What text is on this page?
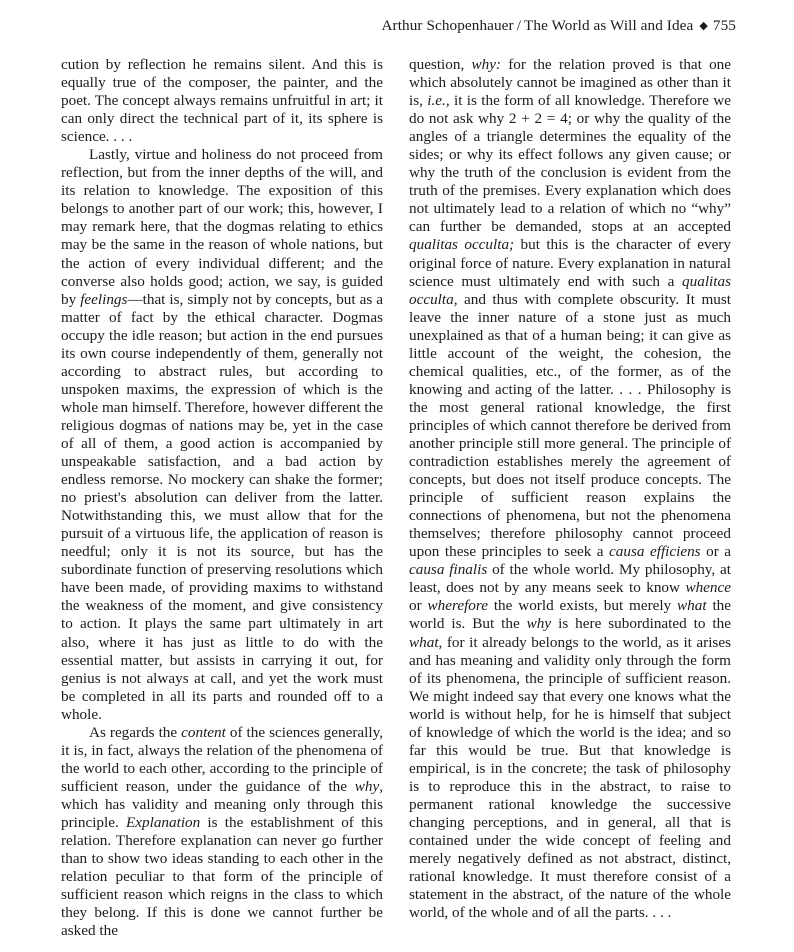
Arthur Schopenhauer / The World as Will and Idea ◆ 755

cution by reflection he remains silent. And this is equally true of the composer, the painter, and the poet. The concept always remains unfruitful in art; it can only direct the technical part of it, its sphere is science. . . .

Lastly, virtue and holiness do not proceed from reflection, but from the inner depths of the will, and its relation to knowledge. The exposition of this belongs to another part of our work; this, however, I may remark here, that the dogmas relating to ethics may be the same in the reason of whole nations, but the action of every individual different; and the converse also holds good; action, we say, is guided by feelings—that is, simply not by concepts, but as a matter of fact by the ethical character. Dogmas occupy the idle reason; but action in the end pursues its own course independently of them, generally not according to abstract rules, but according to unspoken maxims, the expression of which is the whole man himself. Therefore, however different the religious dogmas of nations may be, yet in the case of all of them, a good action is accompanied by unspeakable satisfaction, and a bad action by endless remorse. No mockery can shake the former; no priest's absolution can deliver from the latter. Notwithstanding this, we must allow that for the pursuit of a virtuous life, the application of reason is needful; only it is not its source, but has the subordinate function of preserving resolutions which have been made, of providing maxims to withstand the weakness of the moment, and give consistency to action. It plays the same part ultimately in art also, where it has just as little to do with the essential matter, but assists in carrying it out, for genius is not always at call, and yet the work must be completed in all its parts and rounded off to a whole.

As regards the content of the sciences generally, it is, in fact, always the relation of the phenomena of the world to each other, according to the principle of sufficient reason, under the guidance of the why, which has validity and meaning only through this principle. Explanation is the establishment of this relation. Therefore explanation can never go further than to show two ideas standing to each other in the relation peculiar to that form of the principle of sufficient reason which reigns in the class to which they belong. If this is done we cannot further be asked the

question, why: for the relation proved is that one which absolutely cannot be imagined as other than it is, i.e., it is the form of all knowledge. Therefore we do not ask why 2 + 2 = 4; or why the quality of the angles of a triangle determines the equality of the sides; or why its effect follows any given cause; or why the truth of the conclusion is evident from the truth of the premises. Every explanation which does not ultimately lead to a relation of which no “why” can further be demanded, stops at an accepted qualitas occulta; but this is the character of every original force of nature. Every explanation in natural science must ultimately end with such a qualitas occulta, and thus with complete obscurity. It must leave the inner nature of a stone just as much unexplained as that of a human being; it can give as little account of the weight, the cohesion, the chemical qualities, etc., of the former, as of the knowing and acting of the latter. . . . Philosophy is the most general rational knowledge, the first principles of which cannot therefore be derived from another principle still more general. The principle of contradiction establishes merely the agreement of concepts, but does not itself produce concepts. The principle of sufficient reason explains the connections of phenomena, but not the phenomena themselves; therefore philosophy cannot proceed upon these principles to seek a causa efficiens or a causa finalis of the whole world. My philosophy, at least, does not by any means seek to know whence or wherefore the world exists, but merely what the world is. But the why is here subordinated to the what, for it already belongs to the world, as it arises and has meaning and validity only through the form of its phenomena, the principle of sufficient reason. We might indeed say that every one knows what the world is without help, for he is himself that subject of knowledge of which the world is the idea; and so far this would be true. But that knowledge is empirical, is in the concrete; the task of philosophy is to reproduce this in the abstract, to raise to permanent rational knowledge the successive changing perceptions, and in general, all that is contained under the wide concept of feeling and merely negatively defined as not abstract, distinct, rational knowledge. It must therefore consist of a statement in the abstract, of the nature of the whole world, of the whole and of all the parts. . . .
